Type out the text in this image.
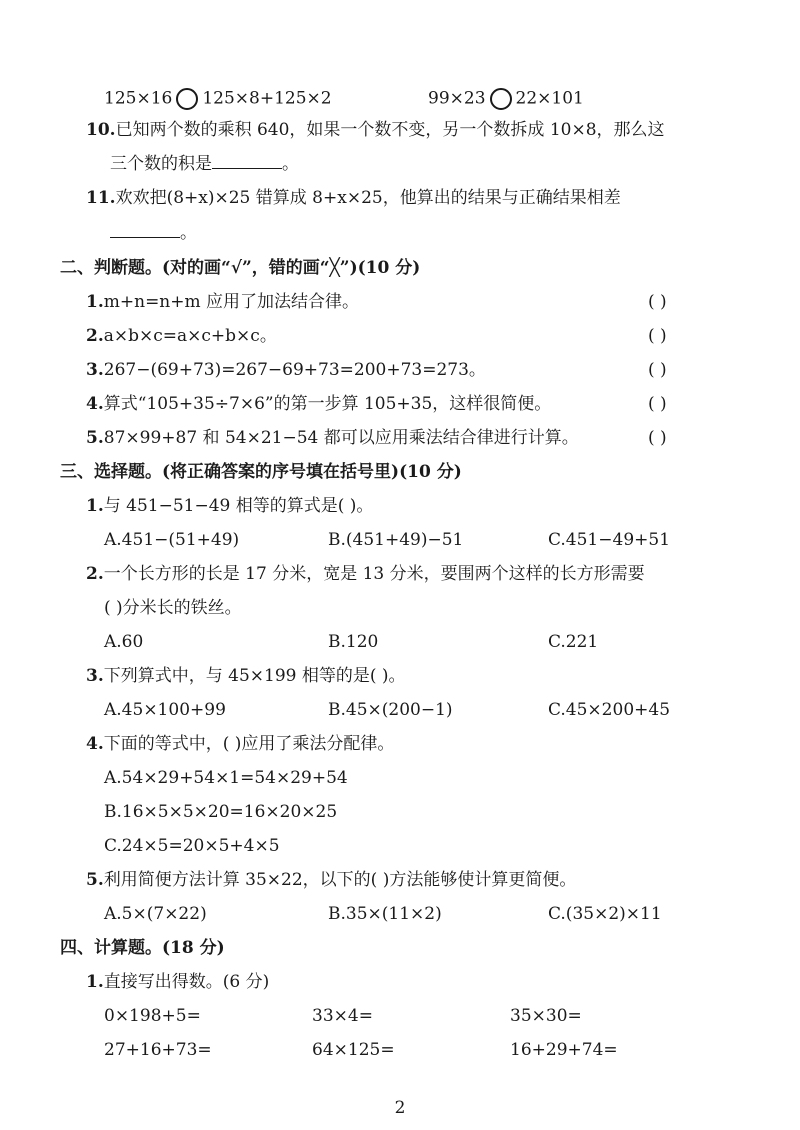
125×16 125×8+125×2	99×23 22×101
10.已知两个数的乘积 640，如果一个数不变，另一个数拆成 10×8，那么这
三个数的积是	。
11.欢欢把(8+x)×25 错算成 8+x×25，他算出的结果与正确结果相差
。
二、判断题。(对的画“√”，错的画“╳”)(10 分)
1.m+n=n+m 应用了加法结合律。	( )
2.a×b×c=a×c+b×c。	( )
3.267−(69+73)=267−69+73=200+73=273。	( )
4.算式“105+35÷7×6”的第一步算 105+35，这样很简便。	( )
5.87×99+87 和 54×21−54 都可以应用乘法结合律进行计算。	( )
三、选择题。(将正确答案的序号填在括号里)(10 分)
1.与 451−51−49 相等的算式是( )。
A.451−(51+49)	B.(451+49)−51	C.451−49+51
2.一个长方形的长是 17 分米，宽是 13 分米，要围两个这样的长方形需要
( )分米长的铁丝。
A.60	B.120	C.221
3.下列算式中，与 45×199 相等的是( )。
A.45×100+99	B.45×(200−1)	C.45×200+45
4.下面的等式中，( )应用了乘法分配律。
A.54×29+54×1=54×29+54
B.16×5×5×20=16×20×25
C.24×5=20×5+4×5
5.利用简便方法计算 35×22，以下的( )方法能够使计算更简便。
A.5×(7×22)	B.35×(11×2)	C.(35×2)×11
四、计算题。(18 分)
1.直接写出得数。(6 分)
0×198+5=	33×4=	35×30=
27+16+73=	64×125=	16+29+74=
2
